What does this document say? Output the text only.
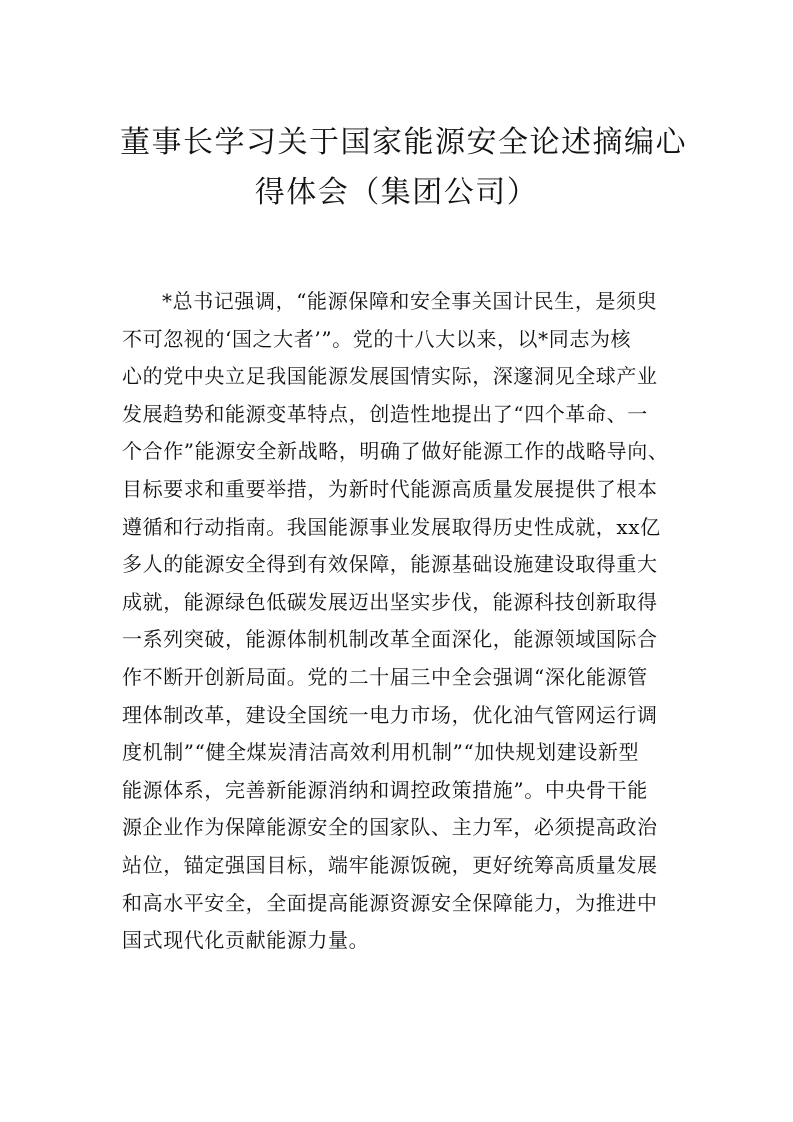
董事长学习关于国家能源安全论述摘编心
得体会（集团公司）
*总书记强调，“能源保障和安全事关国计民生，是须臾
不可忽视的‘国之大者’”。党的十八大以来，以*同志为核
心的党中央立足我国能源发展国情实际，深邃洞见全球产业
发展趋势和能源变革特点，创造性地提出了“四个革命、一
个合作”能源安全新战略，明确了做好能源工作的战略导向、
目标要求和重要举措，为新时代能源高质量发展提供了根本
遵循和行动指南。我国能源事业发展取得历史性成就，xx亿
多人的能源安全得到有效保障，能源基础设施建设取得重大
成就，能源绿色低碳发展迈出坚实步伐，能源科技创新取得
一系列突破，能源体制机制改革全面深化，能源领域国际合
作不断开创新局面。党的二十届三中全会强调“深化能源管
理体制改革，建设全国统一电力市场，优化油气管网运行调
度机制”“健全煤炭清洁高效利用机制”“加快规划建设新型
能源体系，完善新能源消纳和调控政策措施”。中央骨干能
源企业作为保障能源安全的国家队、主力军，必须提高政治
站位，锚定强国目标，端牢能源饭碗，更好统筹高质量发展
和高水平安全，全面提高能源资源安全保障能力，为推进中
国式现代化贡献能源力量。
